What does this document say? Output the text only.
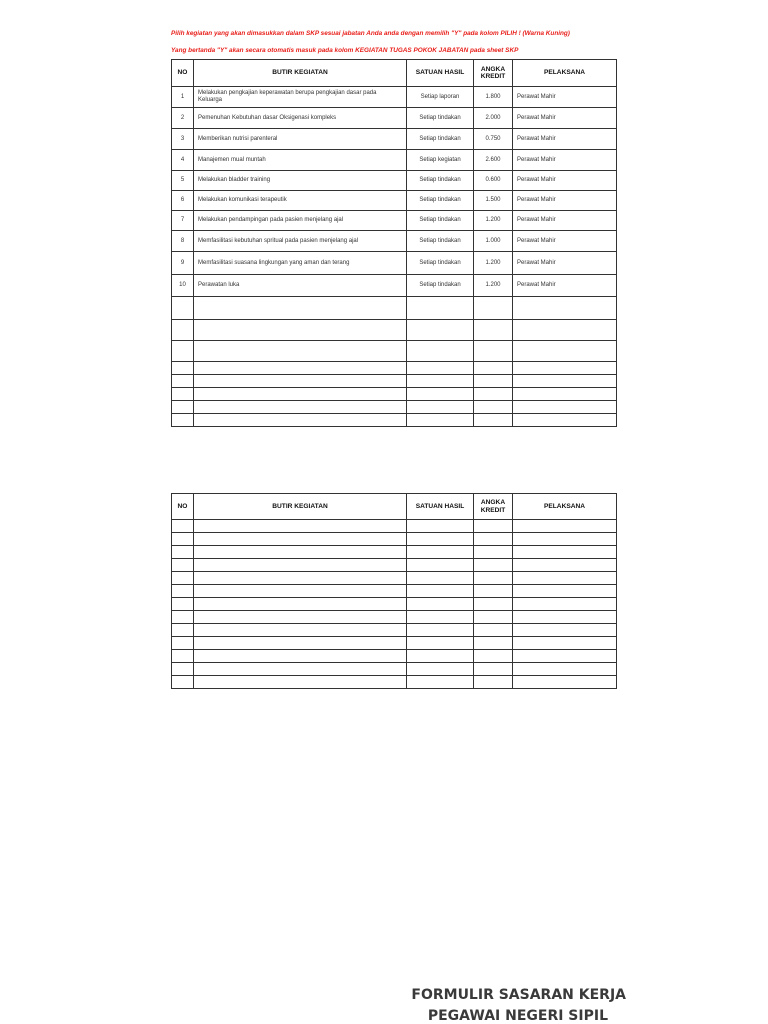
Pilih kegiatan yang akan dimasukkan dalam SKP sesuai jabatan Anda anda dengan memilih "Y" pada kolom PILIH ! (Warna Kuning)
Yang bertanda "Y" akan secara otomatis masuk pada kolom KEGIATAN TUGAS POKOK JABATAN pada sheet SKP
NO	BUTIR KEGIATAN	SATUAN HASIL	ANGKA KREDIT	PELAKSANA
1	Melakukan pengkajian keperawatan berupa pengkajian dasar pada Keluarga	Setiap laporan	1.800	Perawat Mahir
2	Pemenuhan Kebutuhan dasar Oksigenasi kompleks	Setiap tindakan	2.000	Perawat Mahir
3	Memberikan nutrisi parenteral	Setiap tindakan	0.750	Perawat Mahir
4	Manajemen mual muntah	Setiap kegiatan	2.600	Perawat Mahir
5	Melakukan bladder training	Setiap tindakan	0.600	Perawat Mahir
6	Melakukan komunikasi terapeutik	Setiap tindakan	1.500	Perawat Mahir
7	Melakukan pendampingan pada pasien menjelang ajal	Setiap tindakan	1.200	Perawat Mahir
8	Memfasilitasi kebutuhan spritual pada pasien menjelang ajal	Setiap tindakan	1.000	Perawat Mahir
9	Memfasilitasi suasana lingkungan yang aman dan terang	Setiap tindakan	1.200	Perawat Mahir
10	Perawatan luka	Setiap tindakan	1.200	Perawat Mahir

NO	BUTIR KEGIATAN	SATUAN HASIL	ANGKA KREDIT	PELAKSANA

FORMULIR SASARAN KERJA
PEGAWAI NEGERI SIPIL
